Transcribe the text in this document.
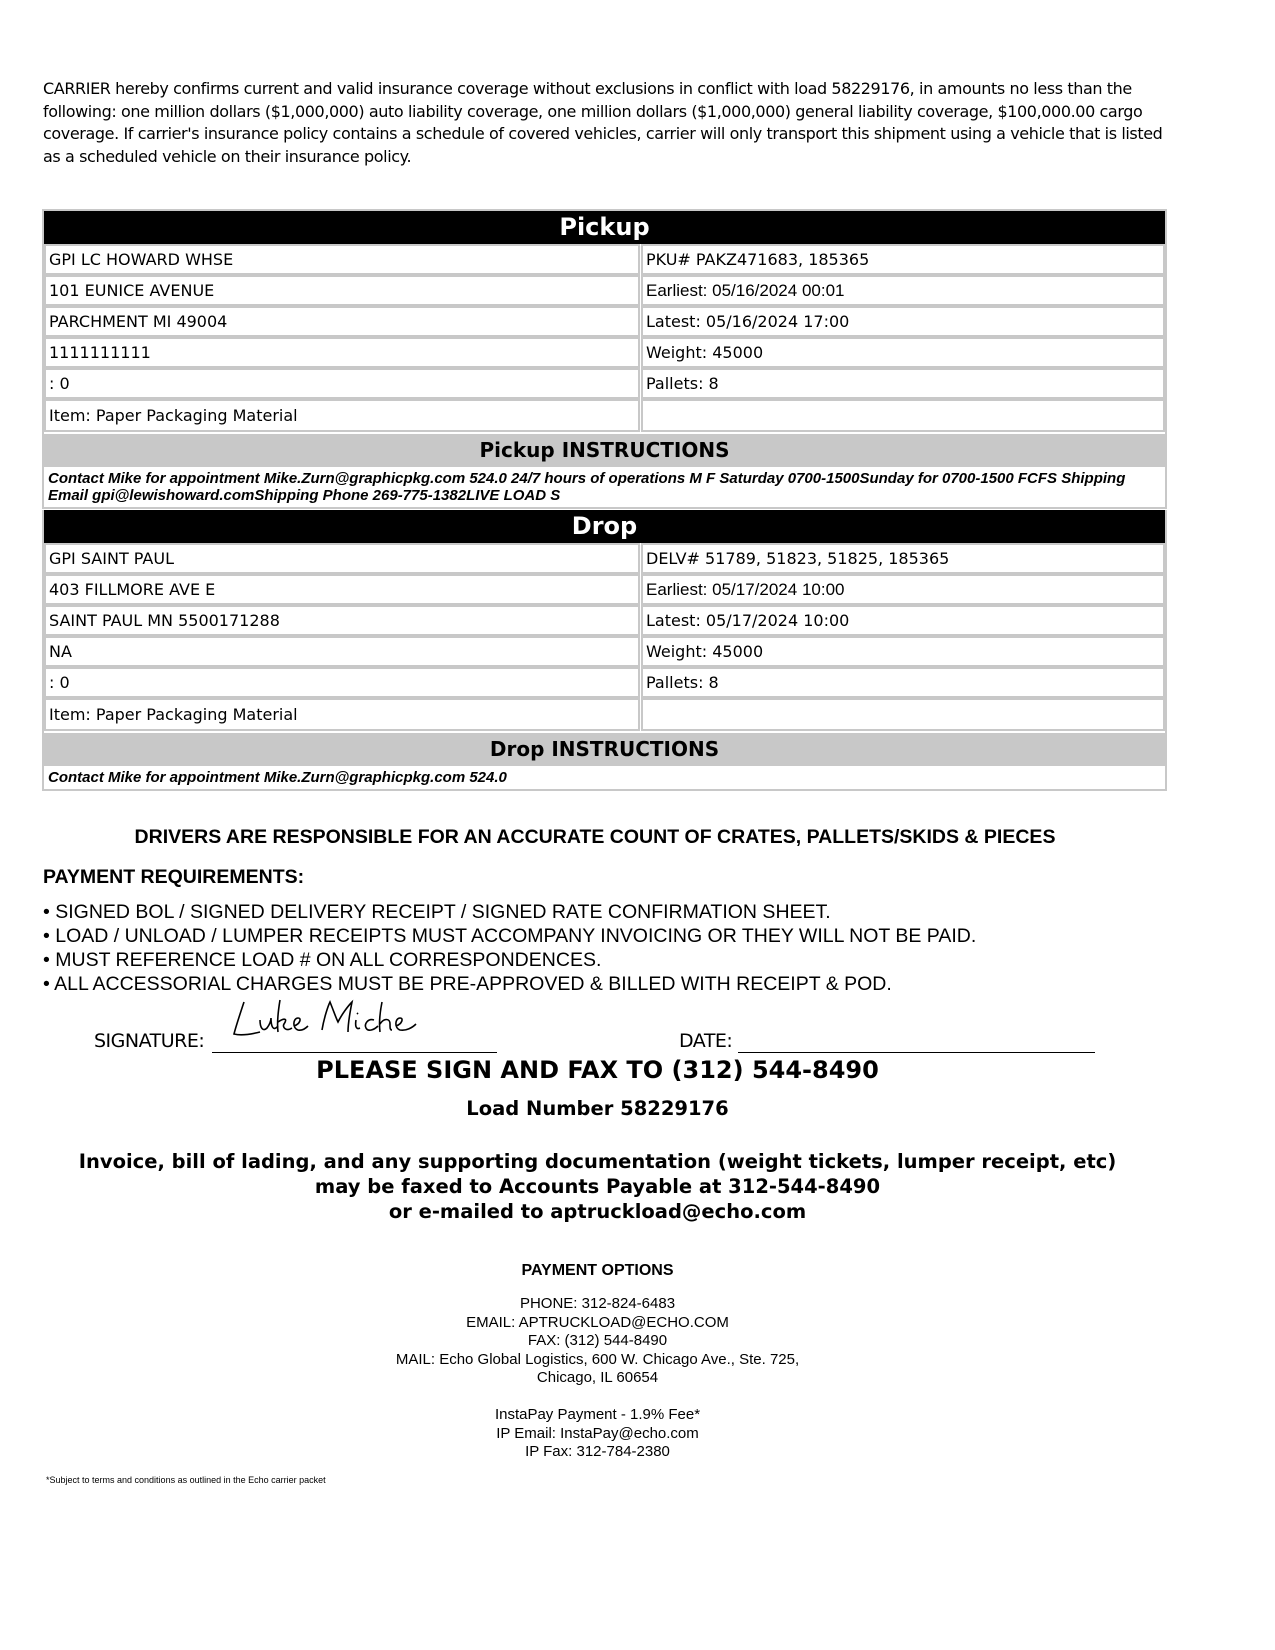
CARRIER hereby confirms current and valid insurance coverage without exclusions in conflict with load 58229176, in amounts no less than the following: one million dollars ($1,000,000) auto liability coverage, one million dollars ($1,000,000) general liability coverage, $100,000.00 cargo coverage. If carrier's insurance policy contains a schedule of covered vehicles, carrier will only transport this shipment using a vehicle that is listed as a scheduled vehicle on their insurance policy.
Pickup
GPI LC HOWARD WHSE	PKU# PAKZ471683, 185365
101 EUNICE AVENUE	Earliest: 05/16/2024 00:01
PARCHMENT MI 49004	Latest: 05/16/2024 17:00
1111111111	Weight: 45000
: 0	Pallets: 8
Item: Paper Packaging Material
Pickup INSTRUCTIONS
Contact Mike for appointment Mike.Zurn@graphicpkg.com 524.0 24/7 hours of operations M F Saturday 0700-1500Sunday for 0700-1500 FCFS Shipping Email gpi@lewishoward.comShipping Phone 269-775-1382LIVE LOAD S
Drop
GPI SAINT PAUL	DELV# 51789, 51823, 51825, 185365
403 FILLMORE AVE E	Earliest: 05/17/2024 10:00
SAINT PAUL MN 5500171288	Latest: 05/17/2024 10:00
NA	Weight: 45000
: 0	Pallets: 8
Item: Paper Packaging Material
Drop INSTRUCTIONS
Contact Mike for appointment Mike.Zurn@graphicpkg.com 524.0
DRIVERS ARE RESPONSIBLE FOR AN ACCURATE COUNT OF CRATES, PALLETS/SKIDS & PIECES
PAYMENT REQUIREMENTS:
• SIGNED BOL / SIGNED DELIVERY RECEIPT / SIGNED RATE CONFIRMATION SHEET.
• LOAD / UNLOAD / LUMPER RECEIPTS MUST ACCOMPANY INVOICING OR THEY WILL NOT BE PAID.
• MUST REFERENCE LOAD # ON ALL CORRESPONDENCES.
• ALL ACCESSORIAL CHARGES MUST BE PRE-APPROVED & BILLED WITH RECEIPT & POD.
SIGNATURE:	DATE:
PLEASE SIGN AND FAX TO (312) 544-8490
Load Number 58229176
Invoice, bill of lading, and any supporting documentation (weight tickets, lumper receipt, etc)
may be faxed to Accounts Payable at 312-544-8490
or e-mailed to aptruckload@echo.com
PAYMENT OPTIONS
PHONE: 312-824-6483
EMAIL: APTRUCKLOAD@ECHO.COM
FAX: (312) 544-8490
MAIL: Echo Global Logistics, 600 W. Chicago Ave., Ste. 725,
Chicago, IL 60654
InstaPay Payment - 1.9% Fee*
IP Email: InstaPay@echo.com
IP Fax: 312-784-2380
*Subject to terms and conditions as outlined in the Echo carrier packet
